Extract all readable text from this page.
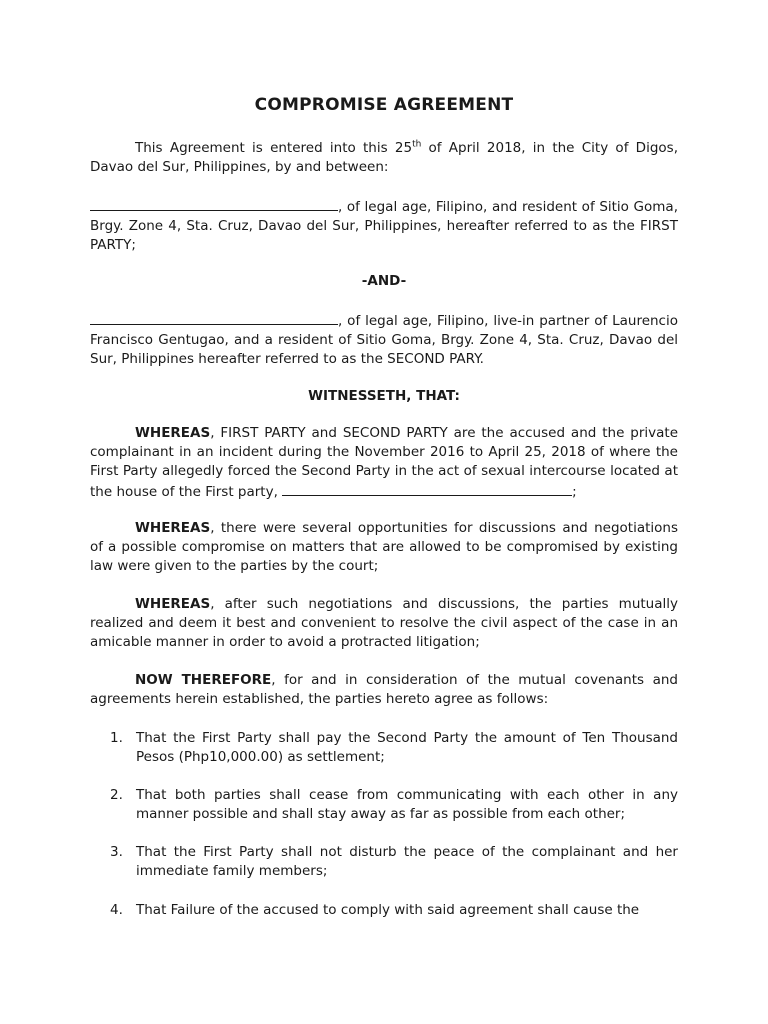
COMPROMISE AGREEMENT
This Agreement is entered into this 25th of April 2018, in the City of Digos, Davao del Sur, Philippines, by and between:
, of legal age, Filipino, and resident of Sitio Goma, Brgy. Zone 4, Sta. Cruz, Davao del Sur, Philippines, hereafter referred to as the FIRST PARTY;
-AND-
, of legal age, Filipino, live-in partner of Laurencio Francisco Gentugao, and a resident of Sitio Goma, Brgy. Zone 4, Sta. Cruz, Davao del Sur, Philippines hereafter referred to as the SECOND PARY.
WITNESSETH, THAT:
WHEREAS, FIRST PARTY and SECOND PARTY are the accused and the private complainant in an incident during the November 2016 to April 25, 2018 of where the First Party allegedly forced the Second Party in the act of sexual intercourse located at the house of the First party,	;
WHEREAS, there were several opportunities for discussions and negotiations of a possible compromise on matters that are allowed to be compromised by existing law were given to the parties by the court;
WHEREAS, after such negotiations and discussions, the parties mutually realized and deem it best and convenient to resolve the civil aspect of the case in an amicable manner in order to avoid a protracted litigation;
NOW THEREFORE, for and in consideration of the mutual covenants and agreements herein established, the parties hereto agree as follows:
1. That the First Party shall pay the Second Party the amount of Ten Thousand Pesos (Php10,000.00) as settlement;
2. That both parties shall cease from communicating with each other in any manner possible and shall stay away as far as possible from each other;
3. That the First Party shall not disturb the peace of the complainant and her immediate family members;
4. That Failure of the accused to comply with said agreement shall cause the
